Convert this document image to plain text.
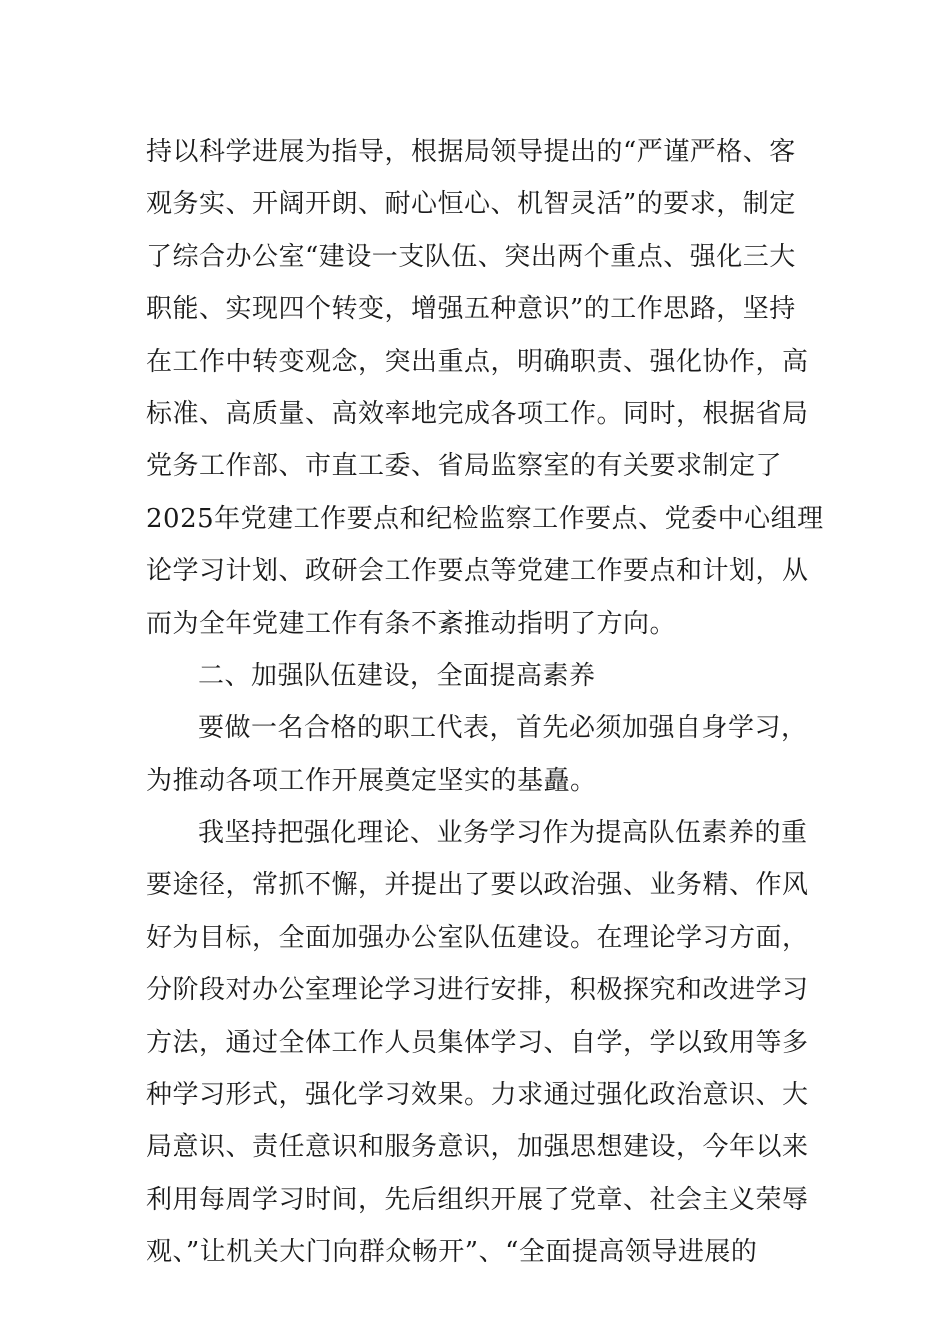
持以科学进展为指导，根据局领导提出的“严谨严格、客
观务实、开阔开朗、耐心恒心、机智灵活”的要求，制定
了综合办公室“建设一支队伍、突出两个重点、强化三大
职能、实现四个转变，增强五种意识”的工作思路，坚持
在工作中转变观念，突出重点，明确职责、强化协作，高
标准、高质量、高效率地完成各项工作。同时，根据省局
党务工作部、市直工委、省局监察室的有关要求制定了
2025年党建工作要点和纪检监察工作要点、党委中心组理
论学习计划、政研会工作要点等党建工作要点和计划，从
而为全年党建工作有条不紊推动指明了方向。
二、加强队伍建设，全面提高素养
要做一名合格的职工代表，首先必须加强自身学习，
为推动各项工作开展奠定坚实的基矗。
我坚持把强化理论、业务学习作为提高队伍素养的重
要途径，常抓不懈，并提出了要以政治强、业务精、作风
好为目标，全面加强办公室队伍建设。在理论学习方面，
分阶段对办公室理论学习进行安排，积极探究和改进学习
方法，通过全体工作人员集体学习、自学，学以致用等多
种学习形式，强化学习效果。力求通过强化政治意识、大
局意识、责任意识和服务意识，加强思想建设，今年以来
利用每周学习时间，先后组织开展了党章、社会主义荣辱
观、”让机关大门向群众畅开”、“全面提高领导进展的
